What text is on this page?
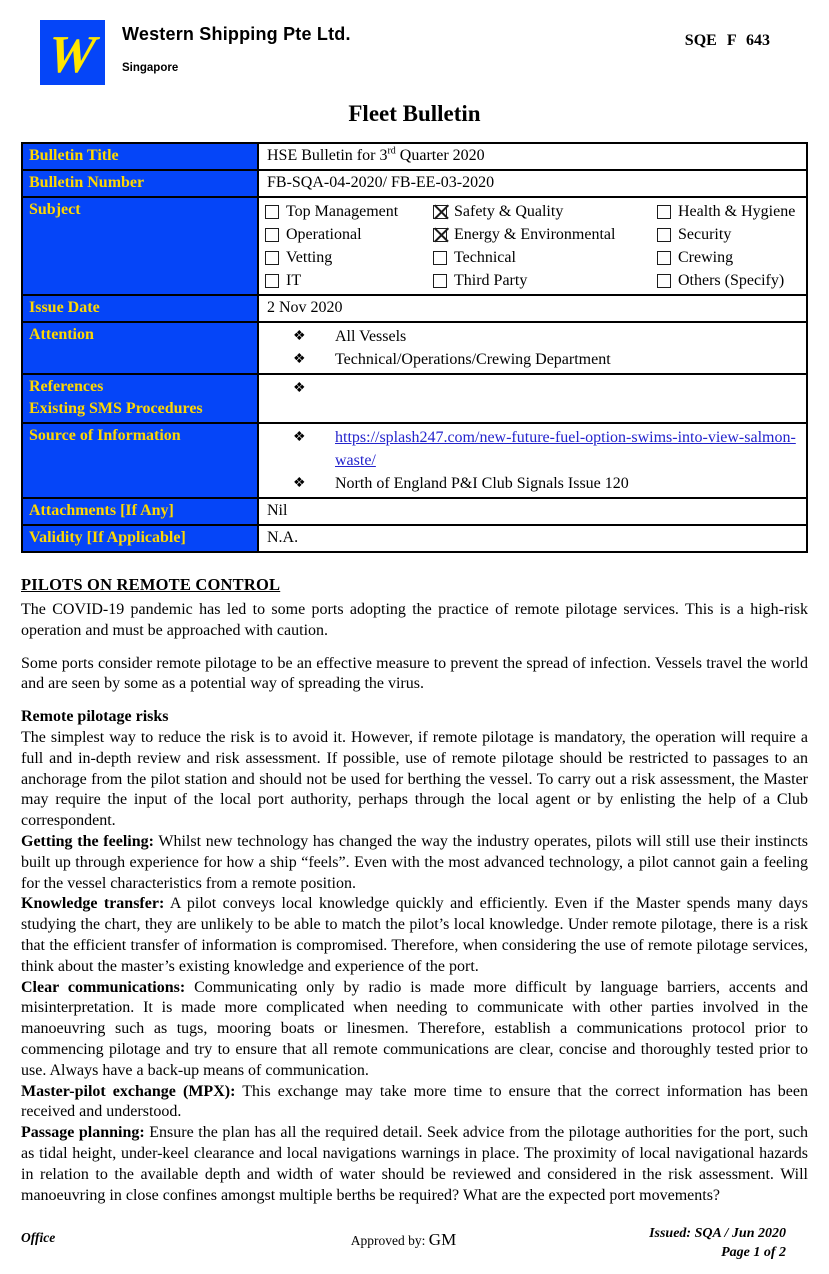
W Western Shipping Pte Ltd.
Singapore
SQE F 643
Fleet Bulletin
Bulletin Title	HSE Bulletin for 3rd Quarter 2020
Bulletin Number	FB-SQA-04-2020/ FB-EE-03-2020
Subject	Top Management	Safety & Quality	Health & Hygiene
Operational	Energy & Environmental	Security
Vetting	Technical	Crewing
IT	Third Party	Others (Specify)

Issue Date	2 Nov 2020
Attention	❖ All Vessels
❖ Technical/Operations/Crewing Department

References
Existing SMS Procedures	❖

Source of Information	❖ https://splash247.com/new-future-fuel-option-swims-into-view-salmon-waste/
❖ North of England P&I Club Signals Issue 120

Attachments [If Any]	Nil
Validity [If Applicable]	N.A.
PILOTS ON REMOTE CONTROL

The COVID-19 pandemic has led to some ports adopting the practice of remote pilotage services. This is a high-risk operation and must be approached with caution.

Some ports consider remote pilotage to be an effective measure to prevent the spread of infection. Vessels travel the world and are seen by some as a potential way of spreading the virus.

Remote pilotage risks

The simplest way to reduce the risk is to avoid it. However, if remote pilotage is mandatory, the operation will require a full and in-depth review and risk assessment. If possible, use of remote pilotage should be restricted to passages to an anchorage from the pilot station and should not be used for berthing the vessel. To carry out a risk assessment, the Master may require the input of the local port authority, perhaps through the local agent or by enlisting the help of a Club correspondent.

Getting the feeling: Whilst new technology has changed the way the industry operates, pilots will still use their instincts built up through experience for how a ship “feels”. Even with the most advanced technology, a pilot cannot gain a feeling for the vessel characteristics from a remote position.

Knowledge transfer: A pilot conveys local knowledge quickly and efficiently. Even if the Master spends many days studying the chart, they are unlikely to be able to match the pilot’s local knowledge. Under remote pilotage, there is a risk that the efficient transfer of information is compromised. Therefore, when considering the use of remote pilotage services, think about the master’s existing knowledge and experience of the port.

Clear communications: Communicating only by radio is made more difficult by language barriers, accents and misinterpretation. It is made more complicated when needing to communicate with other parties involved in the manoeuvring such as tugs, mooring boats or linesmen. Therefore, establish a communications protocol prior to commencing pilotage and try to ensure that all remote communications are clear, concise and thoroughly tested prior to use. Always have a back-up means of communication.

Master-pilot exchange (MPX): This exchange may take more time to ensure that the correct information has been received and understood.

Passage planning: Ensure the plan has all the required detail. Seek advice from the pilotage authorities for the port, such as tidal height, under-keel clearance and local navigations warnings in place. The proximity of local navigational hazards in relation to the available depth and width of water should be reviewed and considered in the risk assessment. Will manoeuvring in close confines amongst multiple berths be required? What are the expected port movements?

Office	Approved by: GM	Issued: SQA / Jun 2020
Page 1 of 2
